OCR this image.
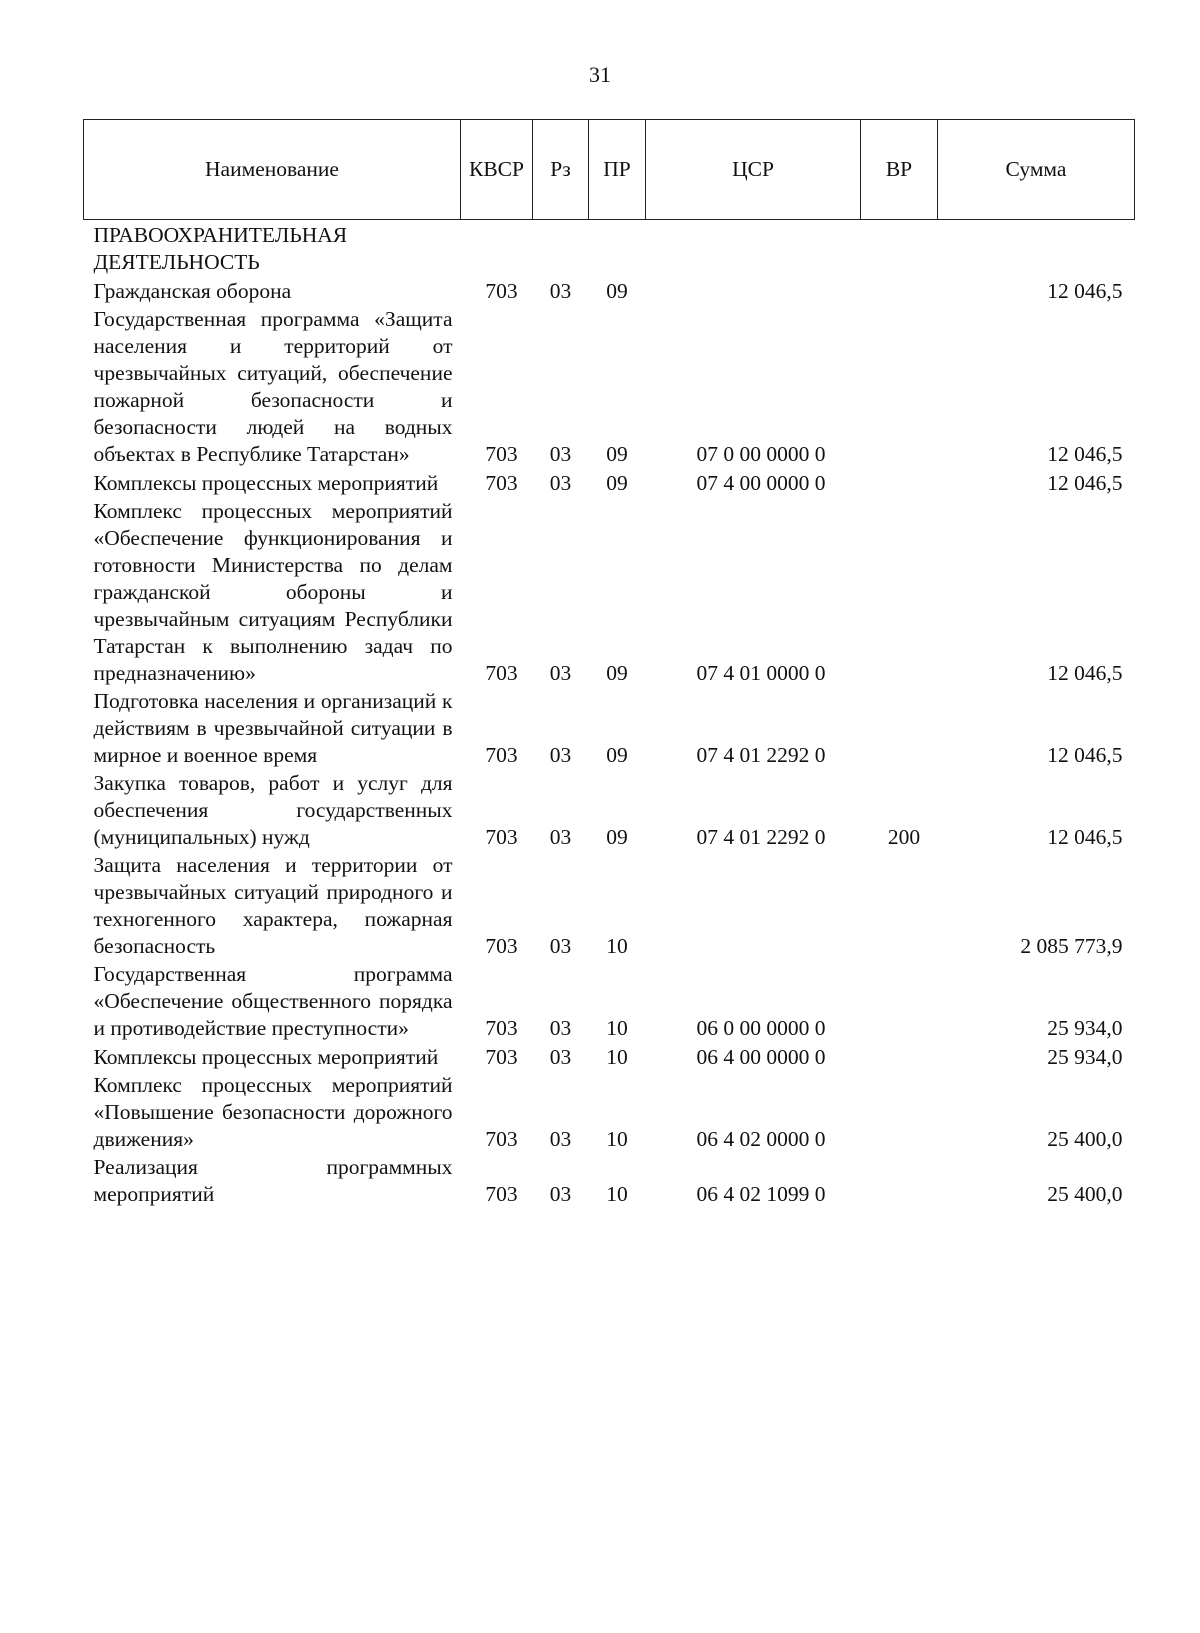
31
Наименование	КВСР	Рз	ПР	ЦСР	ВР	Сумма
ПРАВООХРАНИТЕЛЬНАЯ ДЕЯТЕЛЬНОСТЬ						
Гражданская оборона	703	03	09			12 046,5
Государственная программа «Защита населения и территорий от чрезвычайных ситуаций, обеспечение пожарной безопасности и безопасности людей на водных объектах в Республике Татарстан»	703	03	09	07 0 00 0000 0		12 046,5
Комплексы процессных мероприятий	703	03	09	07 4 00 0000 0		12 046,5
Комплекс процессных мероприятий «Обеспечение функционирования и готовности Министерства по делам гражданской обороны и чрезвычайным ситуациям Республики Татарстан к выполнению задач по предназначению»	703	03	09	07 4 01 0000 0		12 046,5
Подготовка населения и организаций к действиям в чрезвычайной ситуации в мирное и военное время	703	03	09	07 4 01 2292 0		12 046,5
Закупка товаров, работ и услуг для обеспечения государственных (муниципальных) нужд	703	03	09	07 4 01 2292 0	200	12 046,5
Защита населения и территории от чрезвычайных ситуаций природного и техногенного характера, пожарная безопасность	703	03	10			2 085 773,9
Государственная программа «Обеспечение общественного порядка и противодействие преступности»	703	03	10	06 0 00 0000 0		25 934,0
Комплексы процессных мероприятий	703	03	10	06 4 00 0000 0		25 934,0
Комплекс процессных мероприятий «Повышение безопасности дорожного движения»	703	03	10	06 4 02 0000 0		25 400,0
Реализация программных мероприятий	703	03	10	06 4 02 1099 0		25 400,0
